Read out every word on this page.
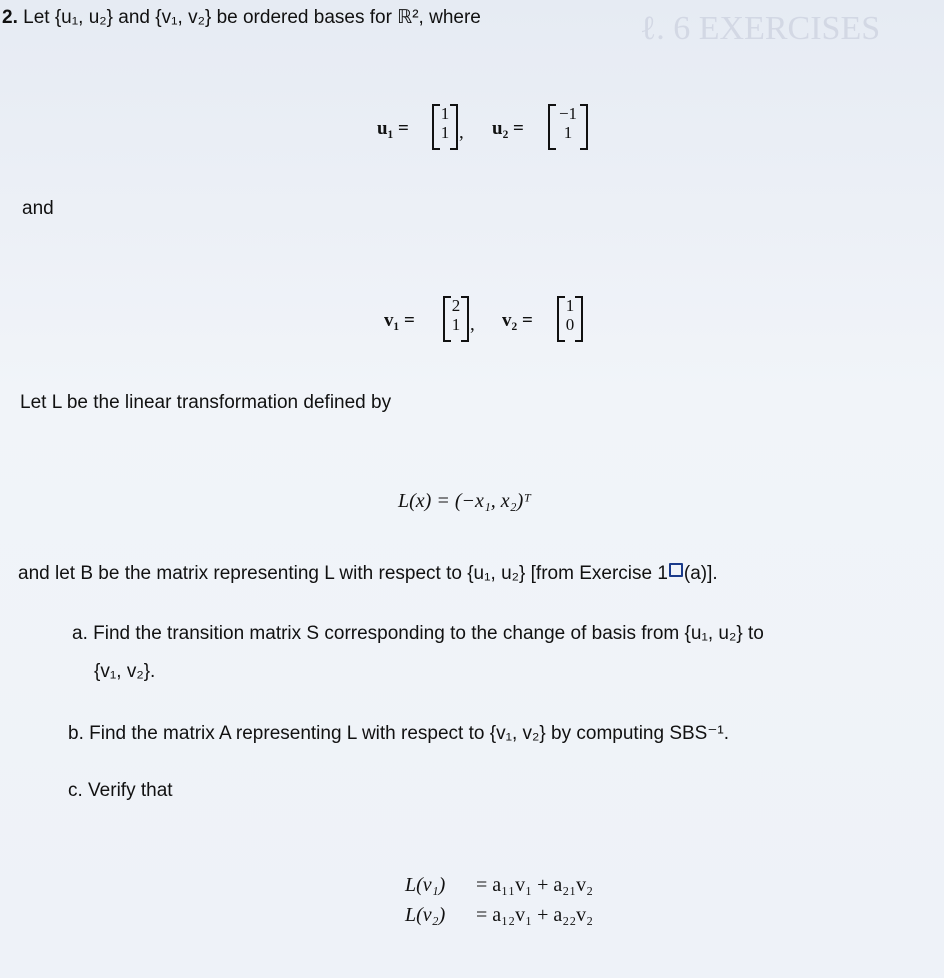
ℓ. 6 EXERCISES
2. Let {u₁, u₂} and {v₁, v₂} be ordered bases for ℝ², where
u₁ =
1
1 , u₂ =
−1
1
and
v₁ =
2
1 , v₂ =
1
0
Let L be the linear transformation defined by
L(x) = (−x₁, x₂)ᵀ
and let B be the matrix representing L with respect to {u₁, u₂} [from Exercise 1 (a)].
a. Find the transition matrix S corresponding to the change of basis from {u₁, u₂} to
{v₁, v₂}.
b. Find the matrix A representing L with respect to {v₁, v₂} by computing SBS⁻¹.
c. Verify that
L(v₁) = a₁₁v₁ + a₂₁v₂
L(v₂) = a₁₂v₁ + a₂₂v₂
